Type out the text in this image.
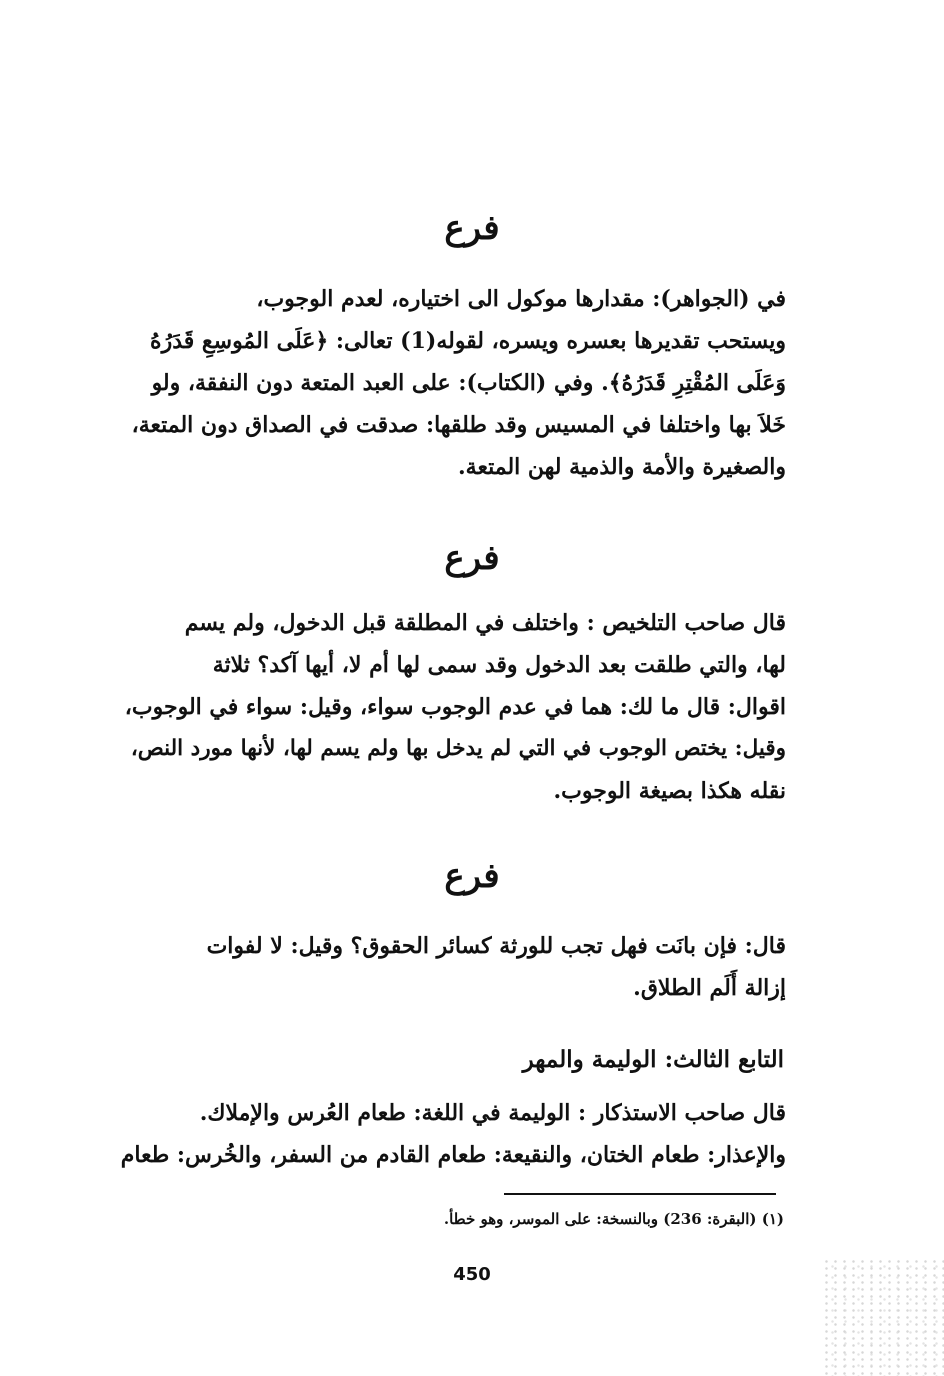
فرع

في (الجواهر): مقدارها موكول الى اختياره، لعدم الوجوب،
ويستحب تقديرها بعسره ويسره، لقوله(1) تعالى: ﴿عَلَى المُوسِعِ قَدَرُهُ
وَعَلَى المُقْتِرِ قَدَرُهُ﴾. وفي (الكتاب): على العبد المتعة دون النفقة، ولو
خَلاَ بها واختلفا في المسيس وقد طلقها: صدقت في الصداق دون المتعة،
والصغيرة والأمة والذمية لهن المتعة.

فرع

قال صاحب التلخيص : واختلف في المطلقة قبل الدخول، ولم يسم
لها، والتي طلقت بعد الدخول وقد سمى لها أم لا، أيها آكد؟ ثلاثة
اقوال: قال ما لك: هما في عدم الوجوب سواء، وقيل: سواء في الوجوب،
وقيل: يختص الوجوب في التي لم يدخل بها ولم يسم لها، لأنها مورد النص،
نقله هكذا بصيغة الوجوب.

فرع

قال: فإن بانَت فهل تجب للورثة كسائر الحقوق؟ وقيل: لا لفوات
إزالة أَلَم الطلاق.

التابع الثالث: الوليمة والمهر

قال صاحب الاستذكار : الوليمة في اللغة: طعام العُرس والإملاك.
والإعذار: طعام الختان، والنقيعة: طعام القادم من السفر، والخُرس: طعام

(١) (البقرة: 236) وبالنسخة: على الموسر، وهو خطأ.

450
